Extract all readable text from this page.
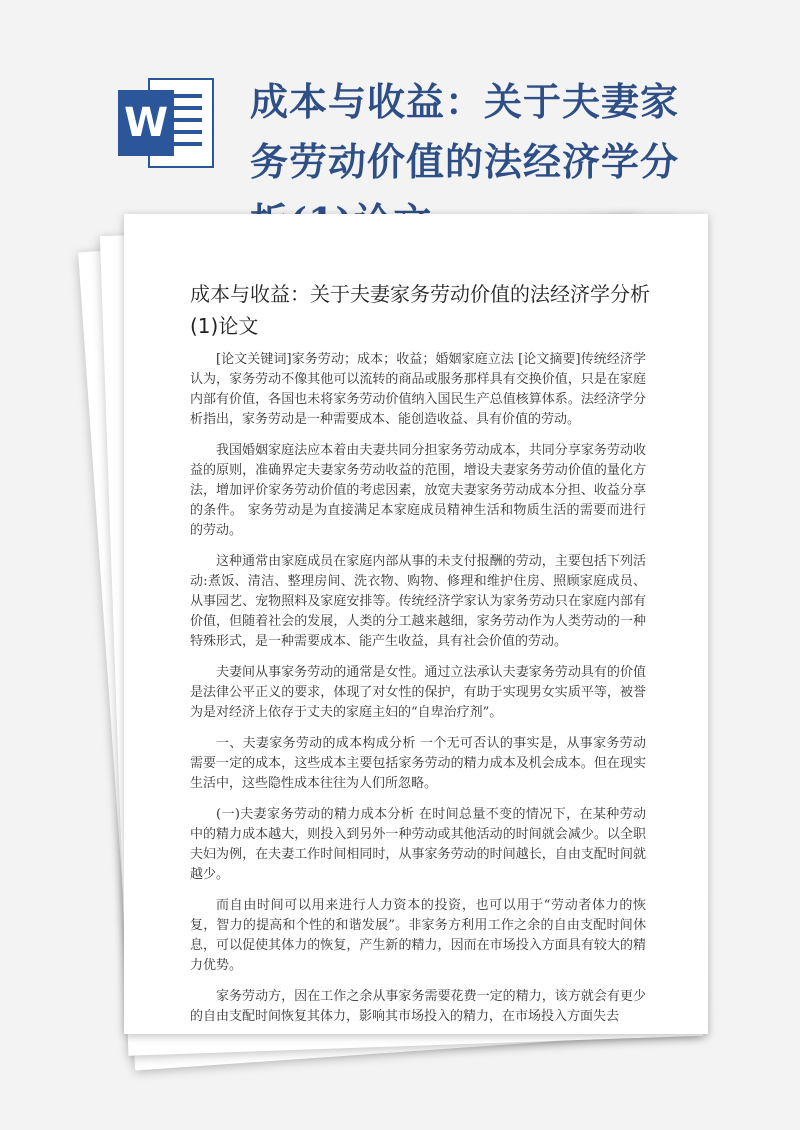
W 成本与收益：关于夫妻家务劳动价值的法经济学分
成本与收益：关于夫妻家务劳动价值的法经济学分析(1)论文

[论文关键词]家务劳动；成本；收益；婚姻家庭立法 [论文摘要]传统经济学认为，家务劳动不像其他可以流转的商品或服务那样具有交换价值，只是在家庭内部有价值，各国也未将家务劳动价值纳入国民生产总值核算体系。法经济学分析指出，家务劳动是一种需要成本、能创造收益、具有价值的劳动。

我国婚姻家庭法应本着由夫妻共同分担家务劳动成本，共同分享家务劳动收益的原则，准确界定夫妻家务劳动收益的范围，增设夫妻家务劳动价值的量化方法，增加评价家务劳动价值的考虑因素，放宽夫妻家务劳动成本分担、收益分享的条件。 家务劳动是为直接满足本家庭成员精神生活和物质生活的需要而进行的劳动。

这种通常由家庭成员在家庭内部从事的未支付报酬的劳动，主要包括下列活动:煮饭、清洁、整理房间、洗衣物、购物、修理和维护住房、照顾家庭成员、从事园艺、宠物照料及家庭安排等。传统经济学家认为家务劳动只在家庭内部有价值，但随着社会的发展，人类的分工越来越细，家务劳动作为人类劳动的一种特殊形式，是一种需要成本、能产生收益，具有社会价值的劳动。

夫妻间从事家务劳动的通常是女性。通过立法承认夫妻家务劳动具有的价值是法律公平正义的要求，体现了对女性的保护，有助于实现男女实质平等，被誉为是对经济上依存于丈夫的家庭主妇的“自卑治疗剂”。

一、夫妻家务劳动的成本构成分析 一个无可否认的事实是，从事家务劳动需要一定的成本，这些成本主要包括家务劳动的精力成本及机会成本。但在现实生活中，这些隐性成本往往为人们所忽略。

(一)夫妻家务劳动的精力成本分析 在时间总量不变的情况下，在某种劳动中的精力成本越大，则投入到另外一种劳动或其他活动的时间就会减少。以全职夫妇为例，在夫妻工作时间相同时，从事家务劳动的时间越长，自由支配时间就越少。

而自由时间可以用来进行人力资本的投资，也可以用于“劳动者体力的恢复，智力的提高和个性的和谐发展”。非家务方利用工作之余的自由支配时间休息，可以促使其体力的恢复，产生新的精力，因而在市场投入方面具有较大的精力优势。

家务劳动方，因在工作之余从事家务需要花费一定的精力，该方就会有更少的自由支配时间恢复其体力，影响其市场投入的精力，在市场投入方面失去
